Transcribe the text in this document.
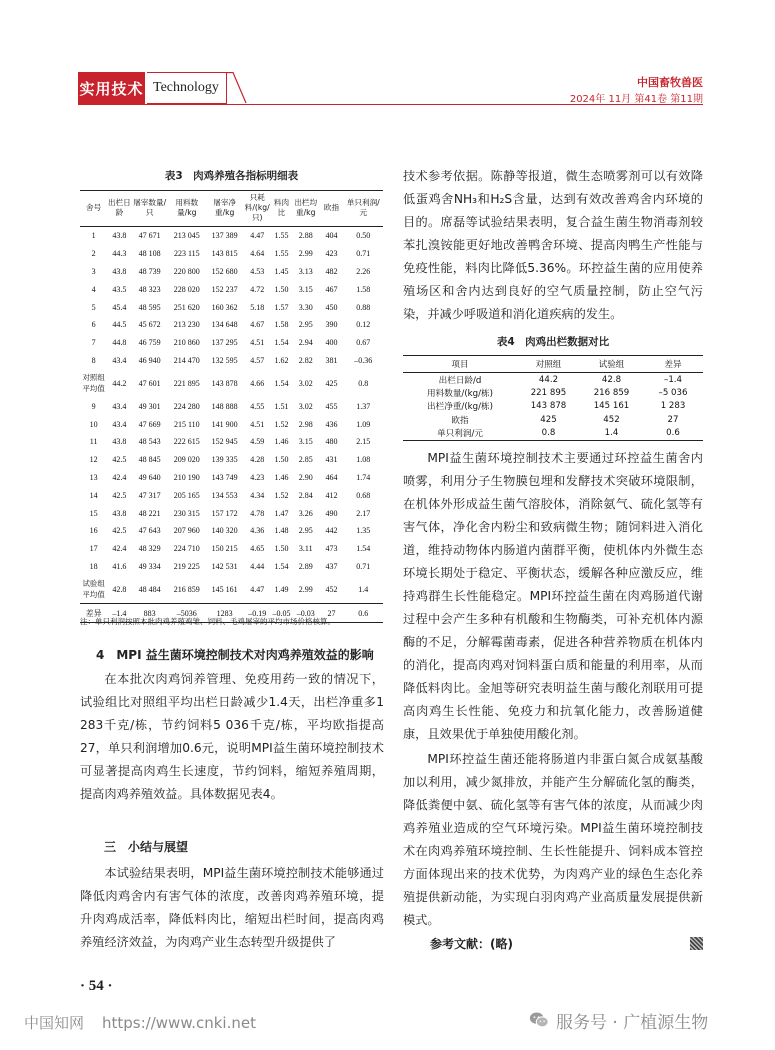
实用技术 Technology	中国畜牧兽医
2024年 11月 第41卷 第11期
表3　肉鸡养殖各指标明细表
舍号	出栏日龄	屠宰数量/只	用料数量/kg	屠宰净重/kg	只耗料/(kg/只)	料肉比	出栏均重/kg	欧指	单只利润/元
1	43.8	47 671	213 045	137 389	4.47	1.55	2.88	404	0.50
2	44.3	48 108	223 115	143 815	4.64	1.55	2.99	423	0.71
3	43.8	48 739	220 800	152 680	4.53	1.45	3.13	482	2.26
4	43.5	48 323	228 020	152 237	4.72	1.50	3.15	467	1.58
5	45.4	48 595	251 620	160 362	5.18	1.57	3.30	450	0.88
6	44.5	45 672	213 230	134 648	4.67	1.58	2.95	390	0.12
7	44.8	46 759	210 860	137 295	4.51	1.54	2.94	400	0.67
8	43.4	46 940	214 470	132 595	4.57	1.62	2.82	381	–0.36
对照组平均值	44.2	47 601	221 895	143 878	4.66	1.54	3.02	425	0.8
9	43.4	49 301	224 280	148 888	4.55	1.51	3.02	455	1.37
10	43.4	47 669	215 110	141 900	4.51	1.52	2.98	436	1.09
11	43.8	48 543	222 615	152 945	4.59	1.46	3.15	480	2.15
12	42.5	48 845	209 020	139 335	4.28	1.50	2.85	431	1.08
13	42.4	49 640	210 190	143 749	4.23	1.46	2.90	464	1.74
14	42.5	47 317	205 165	134 553	4.34	1.52	2.84	412	0.68
15	43.8	48 221	230 315	157 172	4.78	1.47	3.26	490	2.17
16	42.5	47 643	207 960	140 320	4.36	1.48	2.95	442	1.35
17	42.4	48 329	224 710	150 215	4.65	1.50	3.11	473	1.54
18	41.6	49 334	219 225	142 531	4.44	1.54	2.89	437	0.71
试验组平均值	42.8	48 484	216 859	145 161	4.47	1.49	2.99	452	1.4
差异	–1.4	883	–5036	1283	–0.19	–0.05	–0.03	27	0.6
注：单只利润按照本批肉鸡养殖鸡雏、饲料、毛鸡屠宰的平均市场价格核算。
4　MPI 益生菌环境控制技术对肉鸡养殖效益的影响
在本批次肉鸡饲养管理、免疫用药一致的情况下，试验组比对照组平均出栏日龄减少1.4天，出栏净重多1 283千克/栋，节约饲料5 036千克/栋，平均欧指提高27，单只利润增加0.6元，说明MPI益生菌环境控制技术可显著提高肉鸡生长速度，节约饲料，缩短养殖周期，提高肉鸡养殖效益。具体数据见表4。
三　小结与展望
本试验结果表明，MPI益生菌环境控制技术能够通过降低肉鸡舍内有害气体的浓度，改善肉鸡养殖环境，提升肉鸡成活率，降低料肉比，缩短出栏时间，提高肉鸡养殖经济效益，为肉鸡产业生态转型升级提供了
· 54 ·
技术参考依据。陈静等报道，微生态喷雾剂可以有效降低蛋鸡舍NH₃和H₂S含量，达到有效改善鸡舍内环境的目的。席磊等试验结果表明，复合益生菌生物消毒剂较苯扎溴铵能更好地改善鸭舍环境、提高肉鸭生产性能与免疫性能，料肉比降低5.36%。环控益生菌的应用使养殖场区和舍内达到良好的空气质量控制，防止空气污染，并减少呼吸道和消化道疾病的发生。
表4　肉鸡出栏数据对比
项目	对照组	试验组	差异
出栏日龄/d	44.2	42.8	–1.4
用料数量/(kg/栋)	221 895	216 859	–5 036
出栏净重/(kg/栋)	143 878	145 161	1 283
欧指	425	452	27
单只利润/元	0.8	1.4	0.6
MPI益生菌环境控制技术主要通过环控益生菌舍内喷雾，利用分子生物膜包埋和发酵技术突破环境限制，在机体外形成益生菌气溶胶体，消除氨气、硫化氢等有害气体，净化舍内粉尘和致病微生物；随饲料进入消化道，维持动物体内肠道内菌群平衡，使机体内外微生态环境长期处于稳定、平衡状态，缓解各种应激反应，维持鸡群生长性能稳定。MPI环控益生菌在肉鸡肠道代谢过程中会产生多种有机酸和生物酶类，可补充机体内源酶的不足，分解霉菌毒素，促进各种营养物质在机体内的消化，提高肉鸡对饲料蛋白质和能量的利用率，从而降低料肉比。金旭等研究表明益生菌与酸化剂联用可提高肉鸡生长性能、免疫力和抗氧化能力，改善肠道健康，且效果优于单独使用酸化剂。
MPI环控益生菌还能将肠道内非蛋白氮合成氨基酸加以利用，减少氮排放，并能产生分解硫化氢的酶类，降低粪便中氨、硫化氢等有害气体的浓度，从而减少肉鸡养殖业造成的空气环境污染。MPI益生菌环境控制技术在肉鸡养殖环境控制、生长性能提升、饲料成本管控方面体现出来的技术优势，为肉鸡产业的绿色生态化养殖提供新动能，为实现白羽肉鸡产业高质量发展提供新模式。
参考文献：(略)
中国知网 https://www.cnki.net	服务号 · 广植源生物
